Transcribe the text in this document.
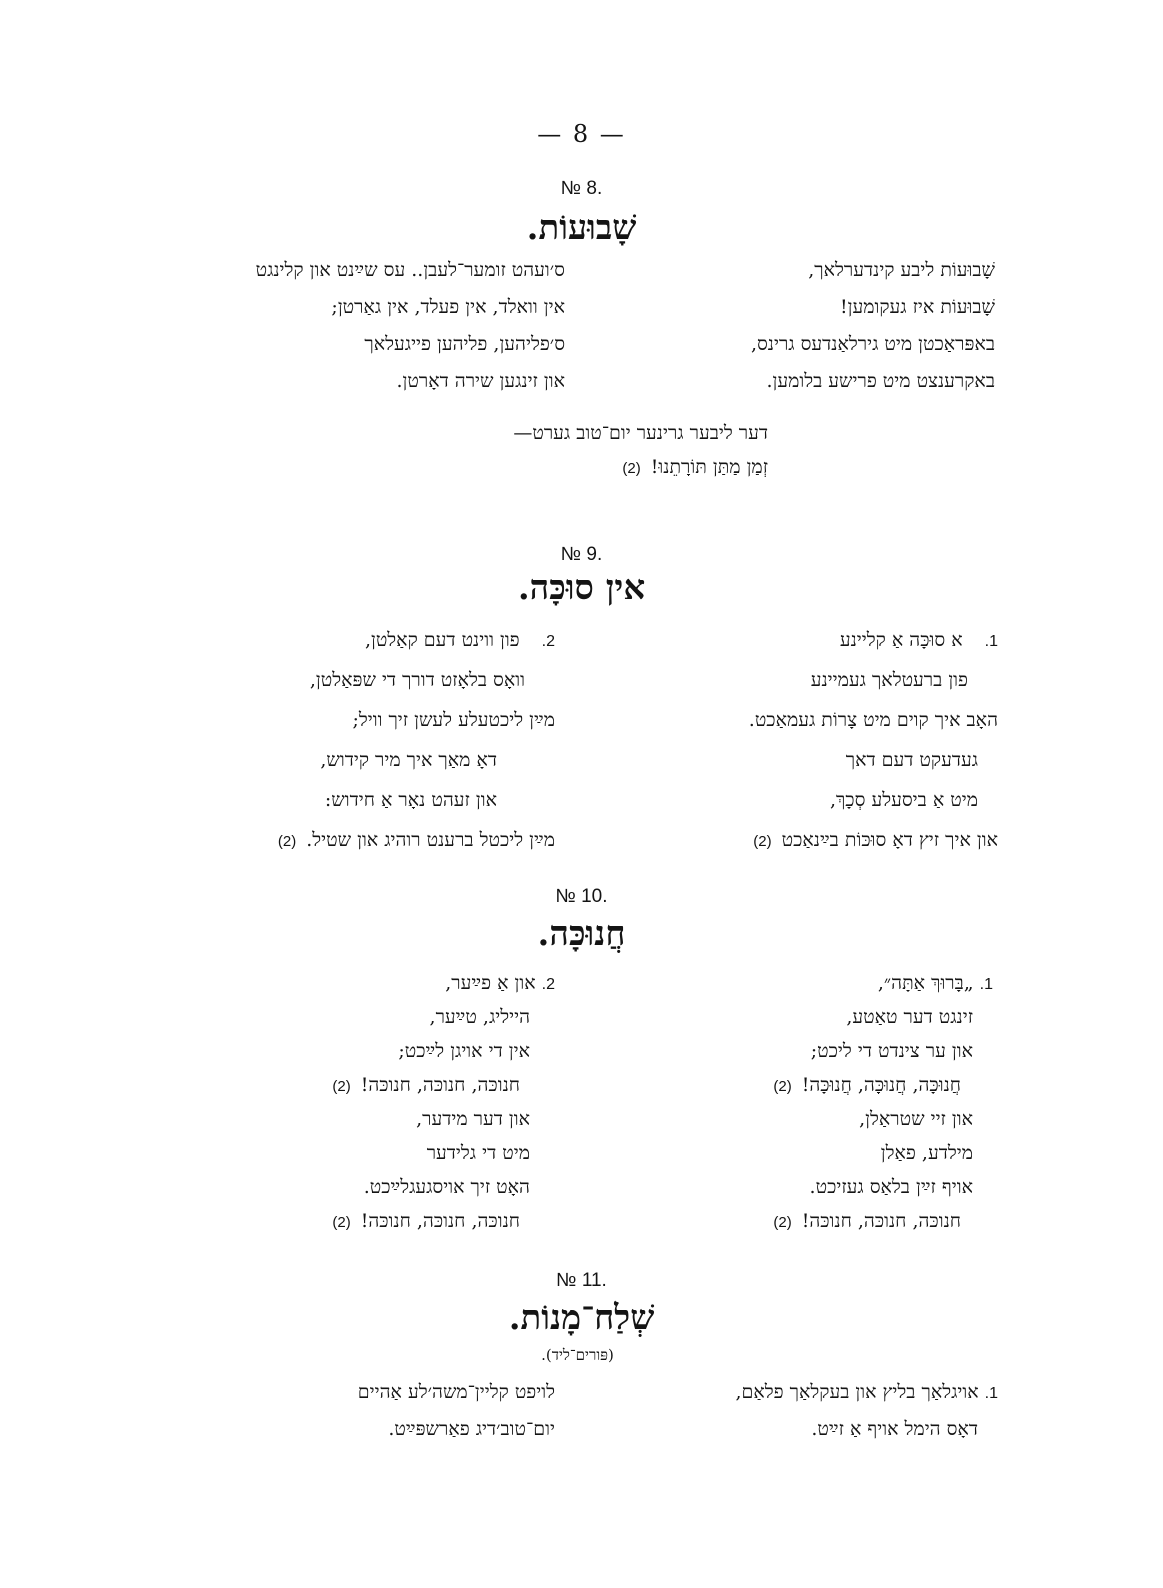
— 8 —
№ 8.
שָׁבוּעוֹת.
שָׁבוּעוֹת ליבע קינדערלאך,
שָׁבוּעוֹת איז געקומען!
באפּראַכטן מיט גירלאַנדעס גרינס,
באקרענצט מיט פרישע בלומען.
ס׳ועהט זומער־לעבן.. עס שײַנט און קלינגט
אין וואלד, אין פעלד, אין גאַרטן;
ס׳פליהען, פליהען פייגעלאך
און זינגען שירה דאָרטן.
דער ליבער גרינער יום־טוב גערט—
זְמַן מַתַּן תּוֹרָתֵנוּ!(2)
№ 9.
אין סוּכָּה.
1.א סוּכָּה אַ קליינע
פון ברעטלאך געמיינע
האָב איך קוים מיט צָרוֹת געמאַכט.
געדעקט דעם דאך
מיט אַ ביסעלע סְכָךְ,
און איך זיץ דאָ סוּכּוֹת בײַנאַכט(2)
2.פון ווינט דעם קאַלטן,
וואָס בלאָזט דורך די שפּאַלטן,
מײַן ליכטעלע לעשן זיך וויל;
דאָ מאַך איך מיר קידוש,
און זעהט נאָר אַ חידוש:
מײַן ליכטל ברענט רוהיג און שטיל.(2)
№ 10.
חֲנוּכָּה.
1.„בָּרוּךְ אַתָּה״,
זינגט דער טאַטע,
און ער צינדט די ליכט;
חֲנוּכָּה, חֲנוּכָּה, חֲנוּכָּה!(2)
און זיי שטראַלן,
מילדע, פאַלן
אויף זײַן בלאַס געזיכט.
חנוכּה, חנוכּה, חנוכּה!(2)
2.און אַ פײַער,
הייליג, טײַער,
אין די אויגן לײַכט;
חנוכּה, חנוכּה, חנוכּה!(2)
און דער מידער,
מיט די גלידער
האָט זיך אויסגעגלײַכט.
חנוכּה, חנוכּה, חנוכּה!(2)
№ 11.
שְׁלַח־מָנוֹת.
(פּורים־ליד).
1.אויגלאַך בליץ און בעקלאַך פלאַם,
דאָס הימל אויף אַ זײַט.
לויפט קליין־משה׳לע אַהיים
יום־טוב׳דיג פאַרשפּײַט.
